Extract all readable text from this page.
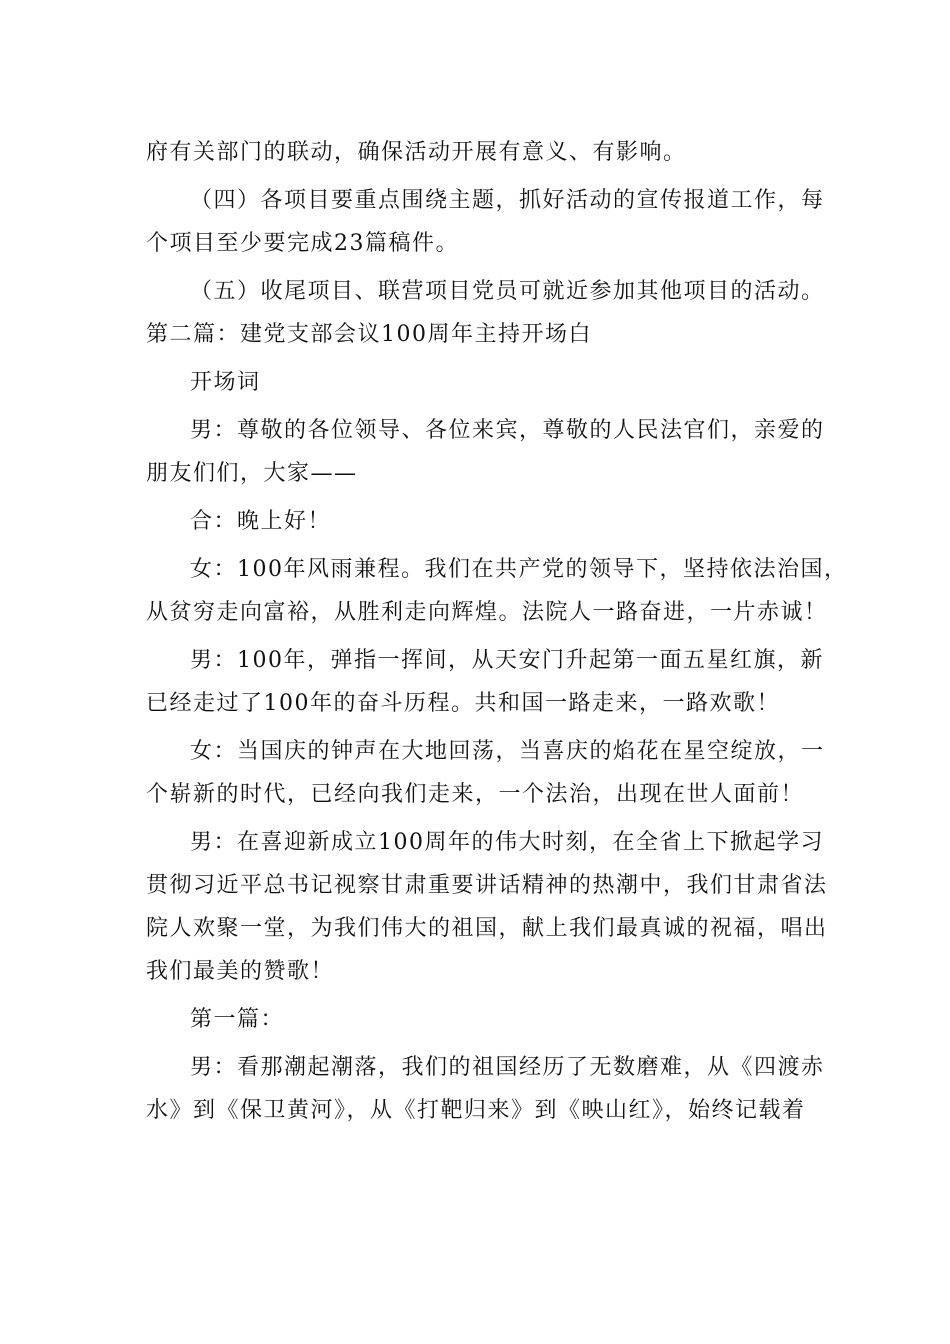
府有关部门的联动，确保活动开展有意义、有影响。

（四）各项目要重点围绕主题，抓好活动的宣传报道工作，每

个项目至少要完成23篇稿件。

（五）收尾项目、联营项目党员可就近参加其他项目的活动。

第二篇：建党支部会议100周年主持开场白

开场词

男：尊敬的各位领导、各位来宾，尊敬的人民法官们，亲爱的

朋友们们，大家——

合：晚上好！

女：100年风雨兼程。我们在共产党的领导下，坚持依法治国，

从贫穷走向富裕，从胜利走向辉煌。法院人一路奋进，一片赤诚！

男：100年，弹指一挥间，从天安门升起第一面五星红旗，新

已经走过了100年的奋斗历程。共和国一路走来，一路欢歌！

女：当国庆的钟声在大地回荡，当喜庆的焰花在星空绽放，一

个崭新的时代，已经向我们走来，一个法治，出现在世人面前！

男：在喜迎新成立100周年的伟大时刻，在全省上下掀起学习

贯彻习近平总书记视察甘肃重要讲话精神的热潮中，我们甘肃省法

院人欢聚一堂，为我们伟大的祖国，献上我们最真诚的祝福，唱出

我们最美的赞歌！

第一篇：

男：看那潮起潮落，我们的祖国经历了无数磨难，从《四渡赤

水》到《保卫黄河》，从《打靶归来》到《映山红》，始终记载着
